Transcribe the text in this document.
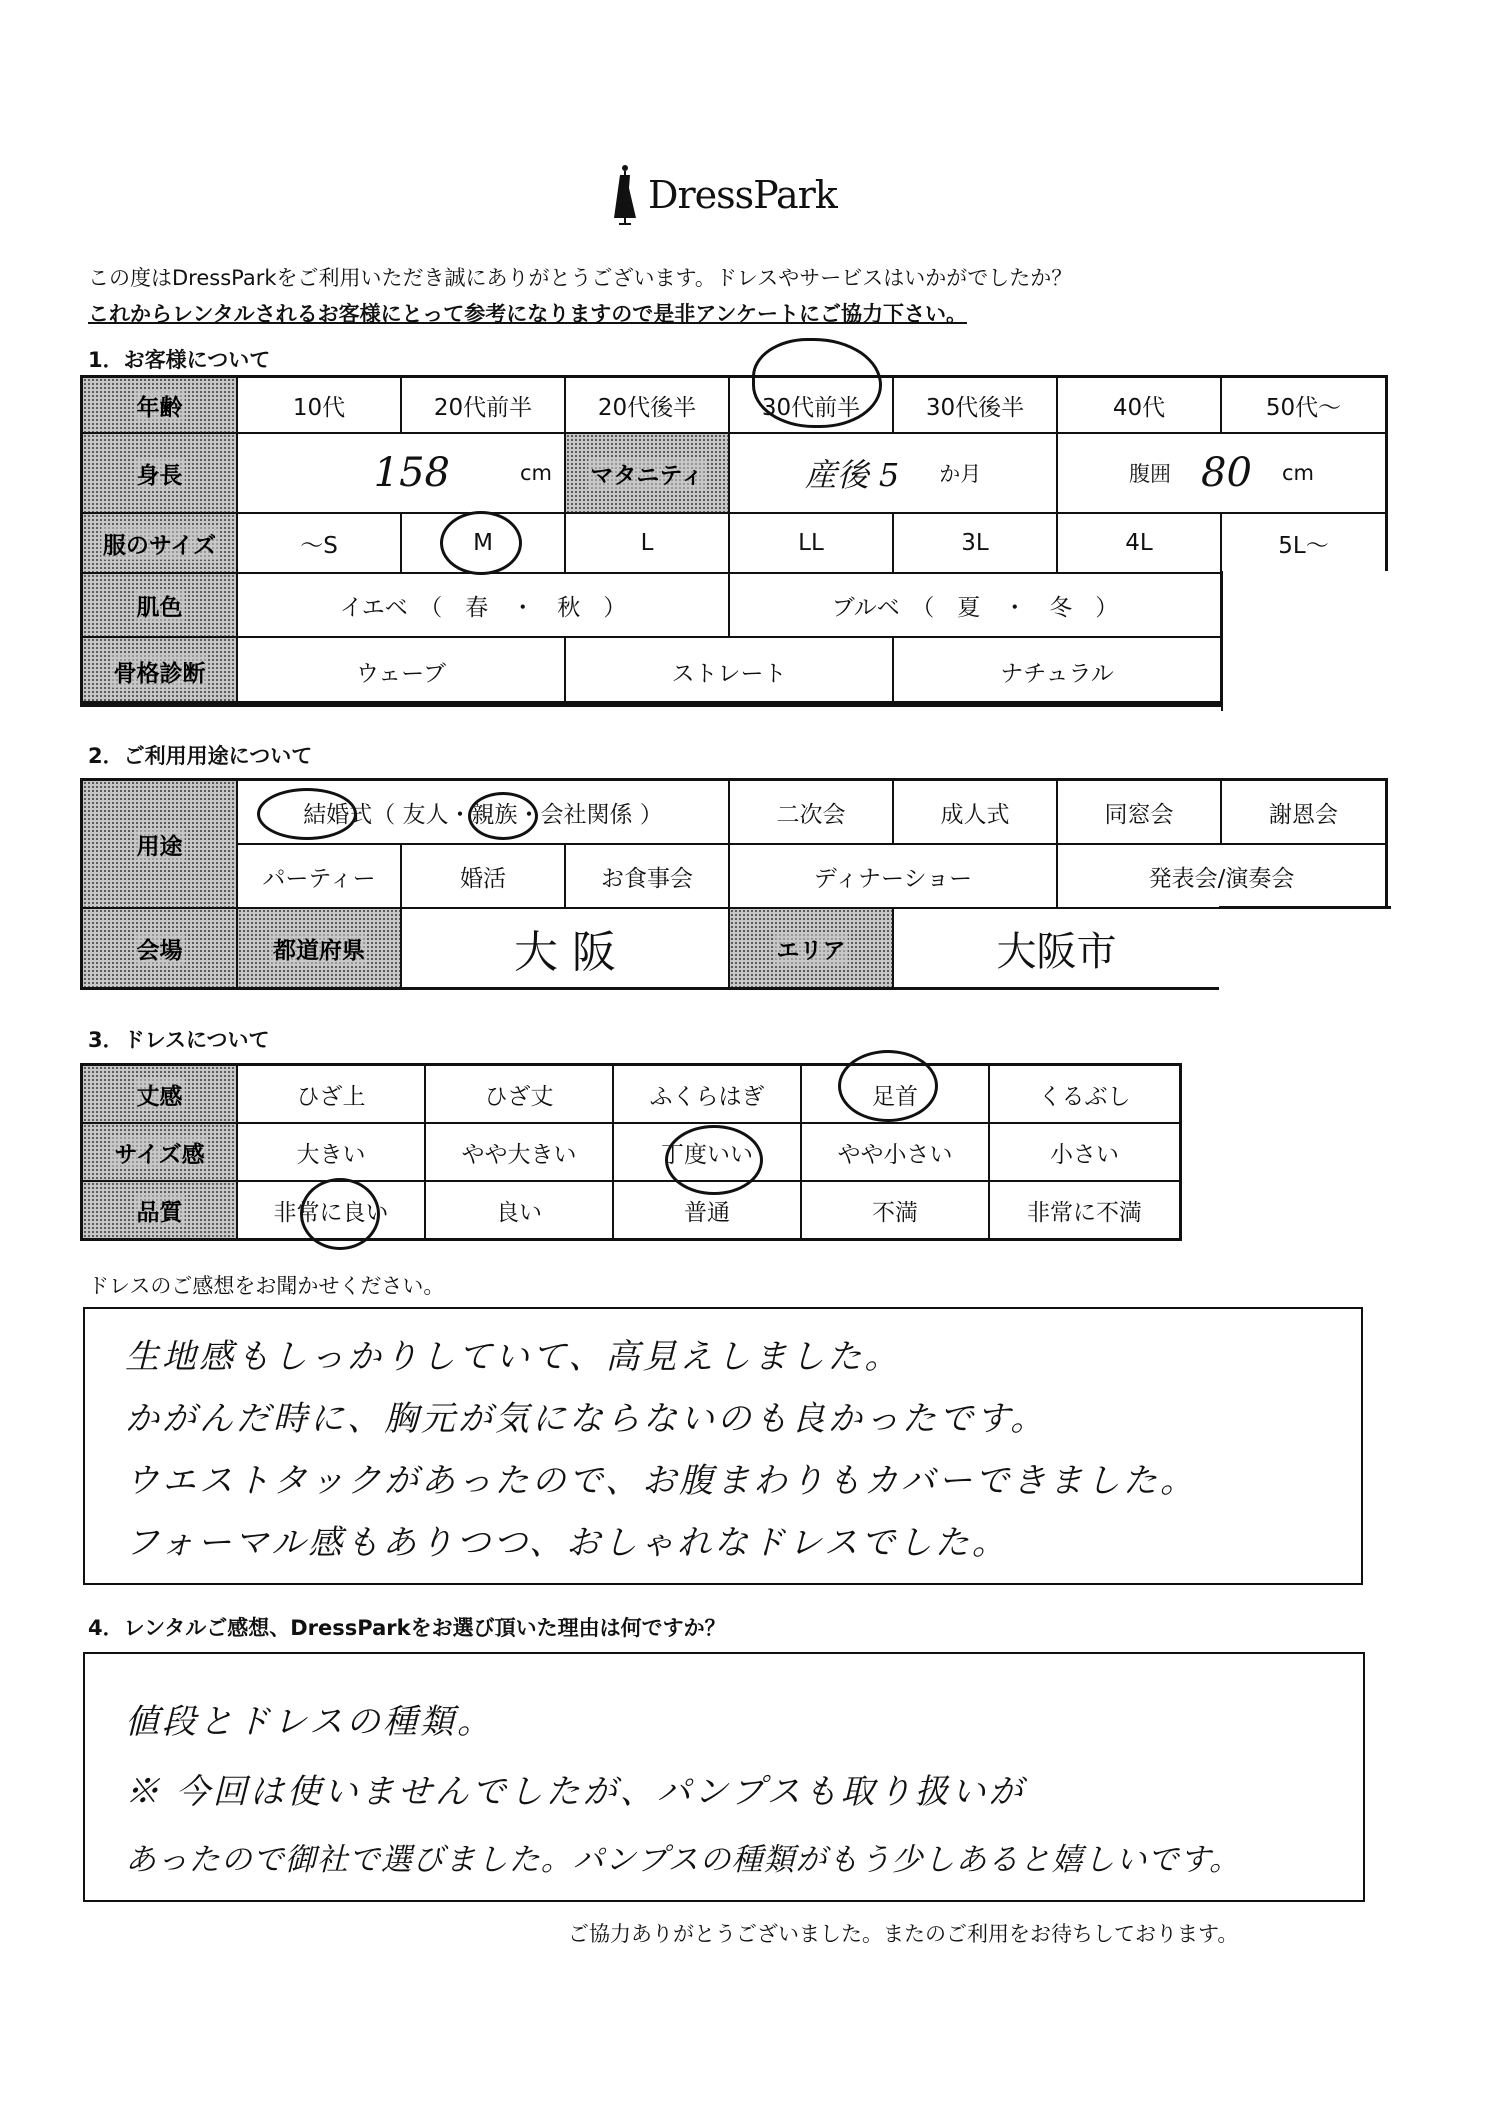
DressPark
この度はDressParkをご利用いただき誠にありがとうございます。ドレスやサービスはいかがでしたか？
これからレンタルされるお客様にとって参考になりますので是非アンケートにご協力下さい。
1．お客様について
年齢	10代	20代前半	20代後半	30代前半	30代後半	40代	50代～
身長	158	cm マタニティ	産後 5 か月	腹囲 80 cm
服のサイズ	～S	M	L	LL	3L	4L	5L～
肌色	イエベ　（　春　・　秋　）	ブルベ　（　夏　・　冬　）
骨格診断	ウェーブ	ストレート	ナチュラル
2．ご利用用途について
用途
結婚式（ 友人・親族・会社関係 ）	二次会	成人式	同窓会	謝恩会
パーティー	婚活	お食事会	ディナーショー	発表会/演奏会
会場	都道府県	大 阪	エリア	大阪市
3．ドレスについて
丈感	ひざ上	ひざ丈	ふくらはぎ	足首	くるぶし
サイズ感	大きい	やや大きい	丁度いい	やや小さい	小さい
品質	非常に良い	良い	普通	不満	非常に不満
ドレスのご感想をお聞かせください。
生地感もしっかりしていて、高見えしました。
かがんだ時に、胸元が気にならないのも良かったです。
ウエストタックがあったので、お腹まわりもカバーできました。
フォーマル感もありつつ、おしゃれなドレスでした。
4．レンタルご感想、DressParkをお選び頂いた理由は何ですか？
値段とドレスの種類。
※ 今回は使いませんでしたが、パンプスも取り扱いが
あったので御社で選びました。パンプスの種類がもう少しあると嬉しいです。
ご協力ありがとうございました。またのご利用をお待ちしております。
